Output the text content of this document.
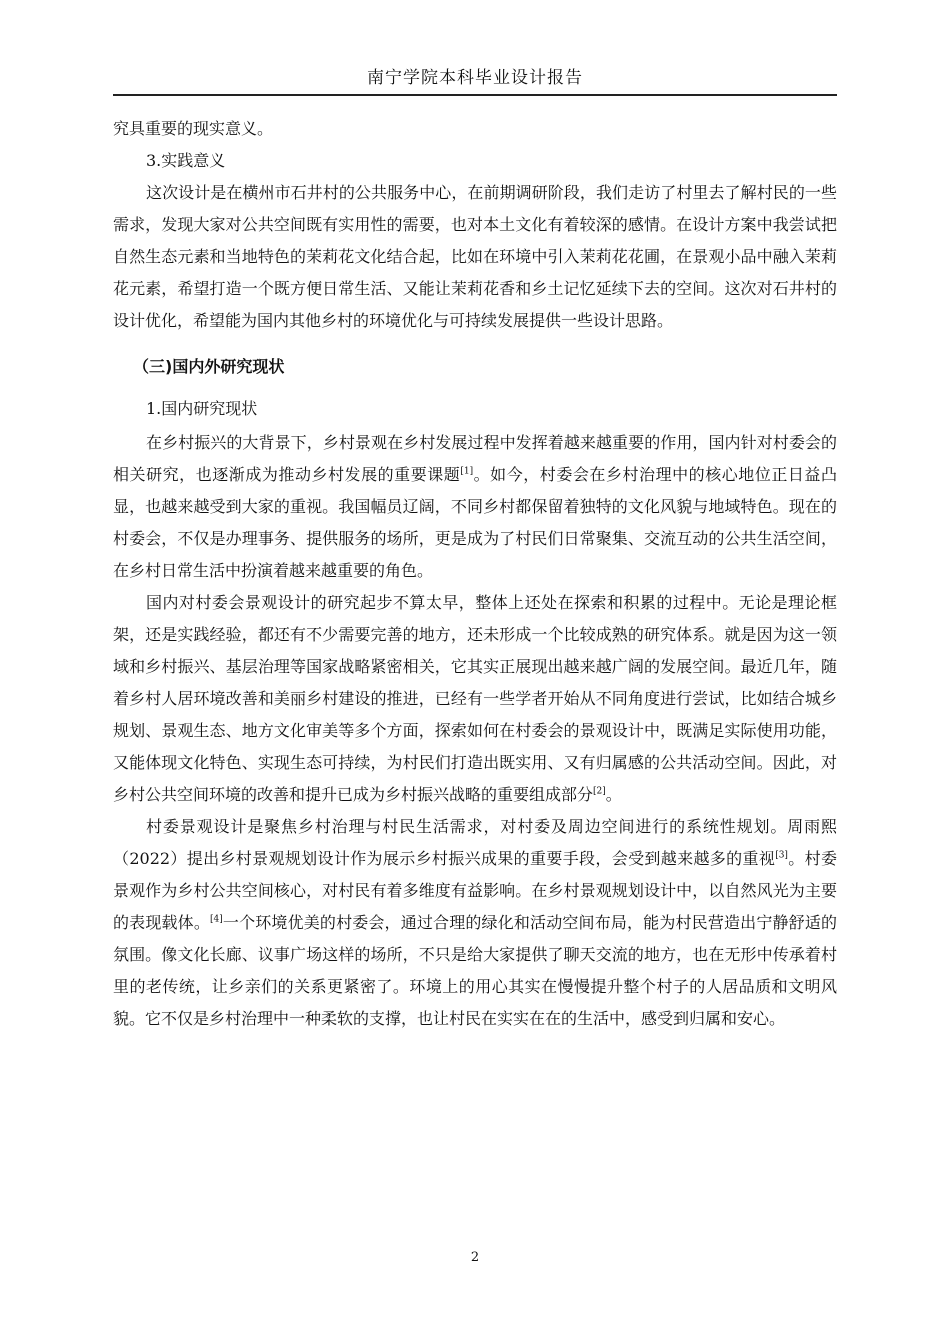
南宁学院本科毕业设计报告

究具重要的现实意义。

3.实践意义

这次设计是在横州市石井村的公共服务中心，在前期调研阶段，我们走访了村里去了解村民的一些需求，发现大家对公共空间既有实用性的需要，也对本土文化有着较深的感情。在设计方案中我尝试把自然生态元素和当地特色的茉莉花文化结合起，比如在环境中引入茉莉花花圃，在景观小品中融入茉莉花元素，希望打造一个既方便日常生活、又能让茉莉花香和乡土记忆延续下去的空间。这次对石井村的设计优化，希望能为国内其他乡村的环境优化与可持续发展提供一些设计思路。

（三)国内外研究现状

1.国内研究现状

在乡村振兴的大背景下，乡村景观在乡村发展过程中发挥着越来越重要的作用，国内针对村委会的相关研究，也逐渐成为推动乡村发展的重要课题[1]。如今，村委会在乡村治理中的核心地位正日益凸显，也越来越受到大家的重视。我国幅员辽阔，不同乡村都保留着独特的文化风貌与地域特色。现在的村委会，不仅是办理事务、提供服务的场所，更是成为了村民们日常聚集、交流互动的公共生活空间，在乡村日常生活中扮演着越来越重要的角色。

国内对村委会景观设计的研究起步不算太早，整体上还处在探索和积累的过程中。无论是理论框架，还是实践经验，都还有不少需要完善的地方，还未形成一个比较成熟的研究体系。就是因为这一领域和乡村振兴、基层治理等国家战略紧密相关，它其实正展现出越来越广阔的发展空间。最近几年，随着乡村人居环境改善和美丽乡村建设的推进，已经有一些学者开始从不同角度进行尝试，比如结合城乡规划、景观生态、地方文化审美等多个方面，探索如何在村委会的景观设计中，既满足实际使用功能，又能体现文化特色、实现生态可持续，为村民们打造出既实用、又有归属感的公共活动空间。因此，对乡村公共空间环境的改善和提升已成为乡村振兴战略的重要组成部分[2]。

村委景观设计是聚焦乡村治理与村民生活需求，对村委及周边空间进行的系统性规划。周雨熙（2022）提出乡村景观规划设计作为展示乡村振兴成果的重要手段，会受到越来越多的重视[3]。村委景观作为乡村公共空间核心，对村民有着多维度有益影响。在乡村景观规划设计中，以自然风光为主要的表现载体。[4]一个环境优美的村委会，通过合理的绿化和活动空间布局，能为村民营造出宁静舒适的氛围。像文化长廊、议事广场这样的场所，不只是给大家提供了聊天交流的地方，也在无形中传承着村里的老传统，让乡亲们的关系更紧密了。环境上的用心其实在慢慢提升整个村子的人居品质和文明风貌。它不仅是乡村治理中一种柔软的支撑，也让村民在实实在在的生活中，感受到归属和安心。

2
